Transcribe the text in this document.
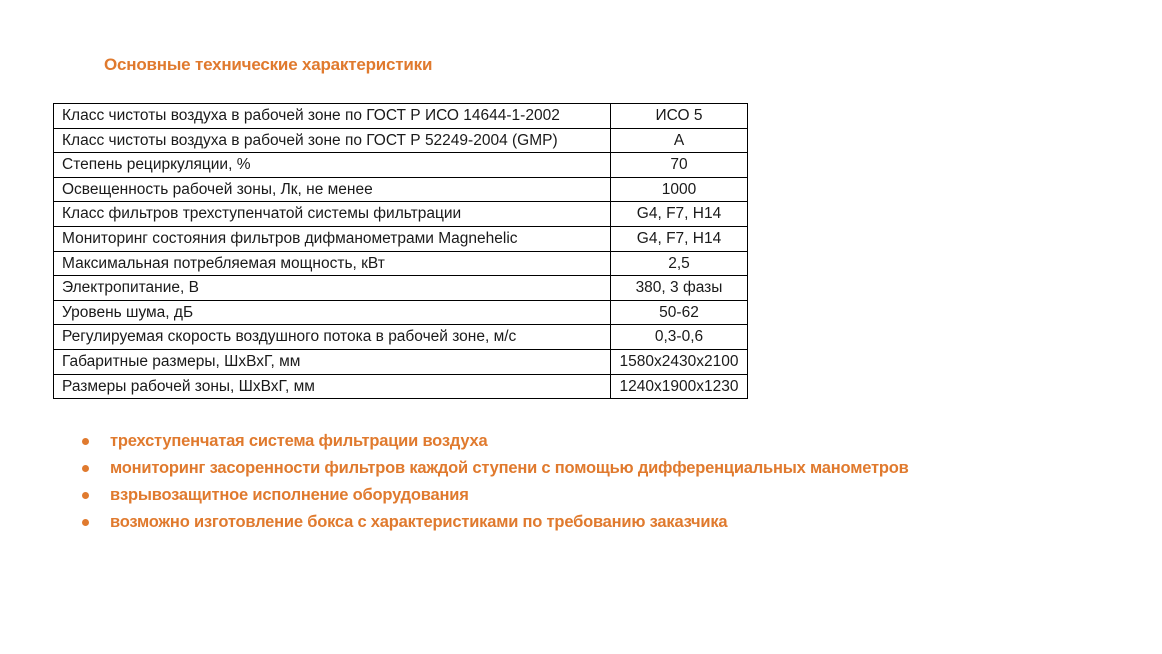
Основные технические характеристики
Класс чистоты воздуха в рабочей зоне по ГОСТ Р ИСО 14644-1-2002	ИСО 5
Класс чистоты воздуха в рабочей зоне по ГОСТ Р 52249-2004 (GMP)	A
Степень рециркуляции, %	70
Освещенность рабочей зоны, Лк, не менее	1000
Класс фильтров трехступенчатой системы фильтрации	G4, F7, H14
Мониторинг состояния фильтров дифманометрами Magnehelic	G4, F7, H14
Максимальная потребляемая мощность, кВт	2,5
Электропитание, В	380, 3 фазы
Уровень шума, дБ	50-62
Регулируемая скорость воздушного потока в рабочей зоне, м/с	0,3-0,6
Габаритные размеры, ШхВхГ, мм	1580x2430x2100
Размеры рабочей зоны, ШхВхГ, мм	1240x1900x1230
трехступенчатая система фильтрации воздуха
мониторинг засоренности фильтров каждой ступени с помощью дифференциальных манометров
взрывозащитное исполнение оборудования
возможно изготовление бокса с характеристиками по требованию заказчика
